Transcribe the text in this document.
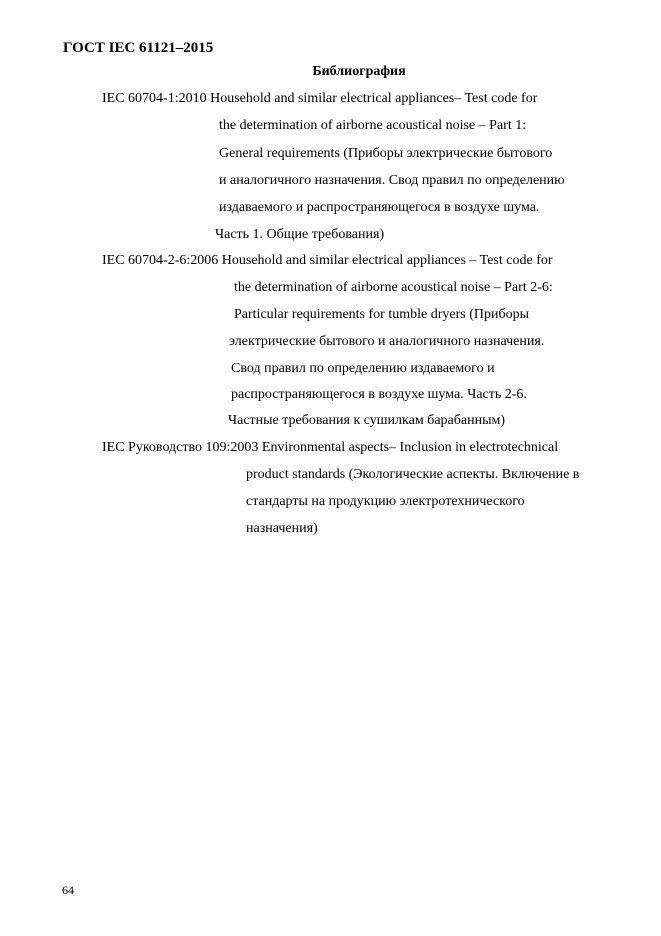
ГОСТ IEC 61121–2015
Библиография
IEC 60704-1:2010 Household and similar electrical appliances– Test code for
the determination of airborne acoustical noise – Part 1:
General requirements (Приборы электрические бытового
и аналогичного назначения. Свод правил по определению
издаваемого и распространяющегося в воздухе шума.
Часть 1. Общие требования)
IEC 60704-2-6:2006 Household and similar electrical appliances – Test code for
the determination of airborne acoustical noise – Part 2-6:
Particular requirements for tumble dryers (Приборы
электрические бытового и аналогичного назначения.
Свод правил по определению издаваемого и
распространяющегося в воздухе шума. Часть 2-6.
Частные требования к сушилкам барабанным)
IEC Руководство 109:2003 Environmental aspects– Inclusion in electrotechnical
product standards (Экологические аспекты. Включение в
стандарты на продукцию электротехнического
назначения)
64
